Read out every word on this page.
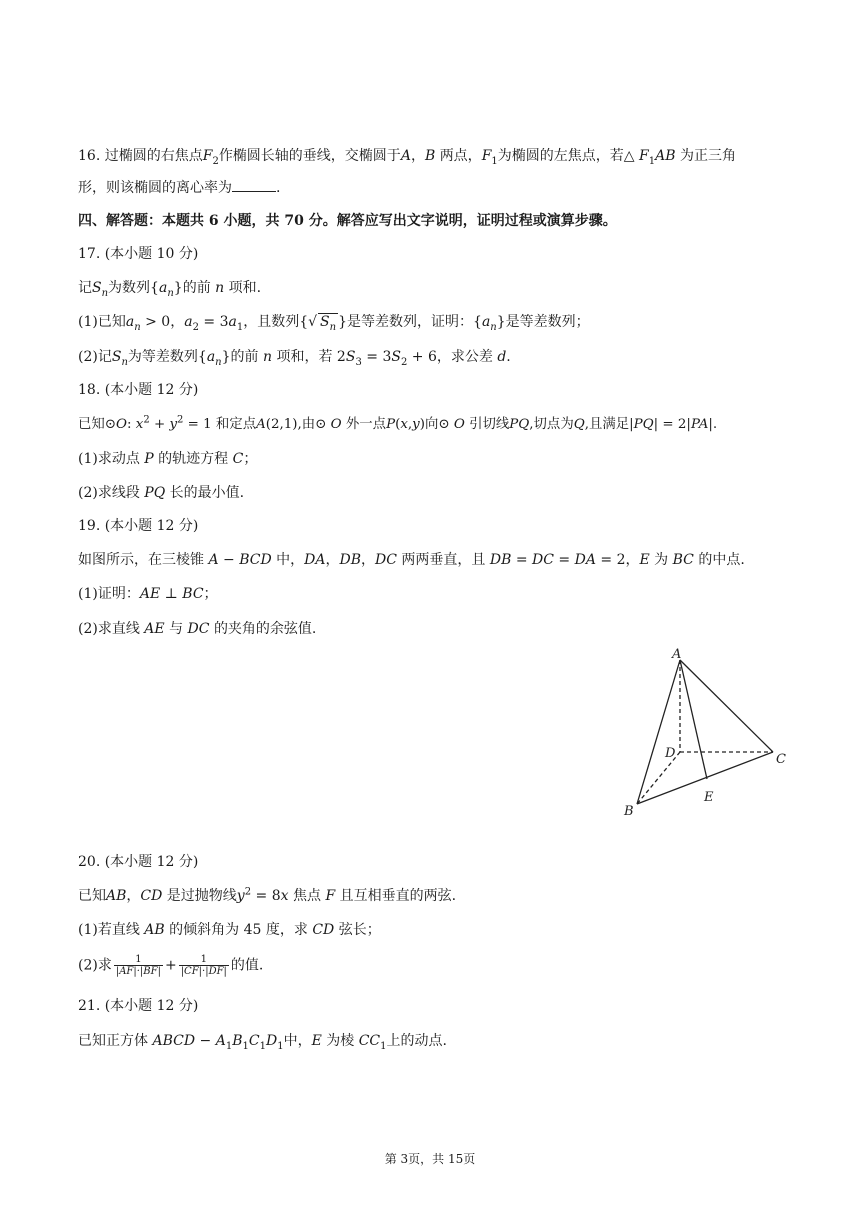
16. 过椭圆的右焦点$F_2$作椭圆长轴的垂线，交椭圆于A，B 两点，$F_1$为椭圆的左焦点，若△ $F_1AB$ 为正三角
形，则该椭圆的离心率为	.
四、解答题：本题共 6 小题，共 70 分。解答应写出文字说明，证明过程或演算步骤。
17. (本小题 10 分)
记$S_n$为数列$\{a_n\}$的前 n 项和.
(1)已知$a_n > 0$，$a_2 = 3a_1$，且数列{√ $S_n$ }是等差数列，证明：$\{a_n\}$是等差数列；
(2)记$S_n$为等差数列$\{a_n\}$的前 n 项和，若 $2S_3 = 3S_2 + 6$，求公差 d.
18. (本小题 12 分)
已知⊙O: $x^2 + y^2 = 1$ 和定点A(2,1),由⊙ O 外一点P(x,y)向⊙ O 引切线PQ,切点为Q,且满足|PQ| = 2|PA|.
(1)求动点 P 的轨迹方程 C；
(2)求线段 PQ 长的最小值.
19. (本小题 12 分)
如图所示，在三棱锥 A − BCD 中，DA，DB，DC 两两垂直，且 DB = DC = DA = 2，E 为 BC 的中点.
(1)证明：AE ⊥ BC；
(2)求直线 AE 与 DC 的夹角的余弦值.
A
D	C
B
E
20. (本小题 12 分)
已知AB，CD 是过抛物线$y^2 = 8x$ 焦点 F 且互相垂直的两弦.
(1)若直线 AB 的倾斜角为 45 度，求 CD 弦长；
(2)求 $\frac{1}{|AF|\cdot|BF|} + \frac{1}{|CF|\cdot|DF|}$ 的值.
21. (本小题 12 分)
已知正方体 ABCD − $A_1B_1C_1D_1$中，E 为棱 $CC_1$上的动点.
第 3页，共 15页
